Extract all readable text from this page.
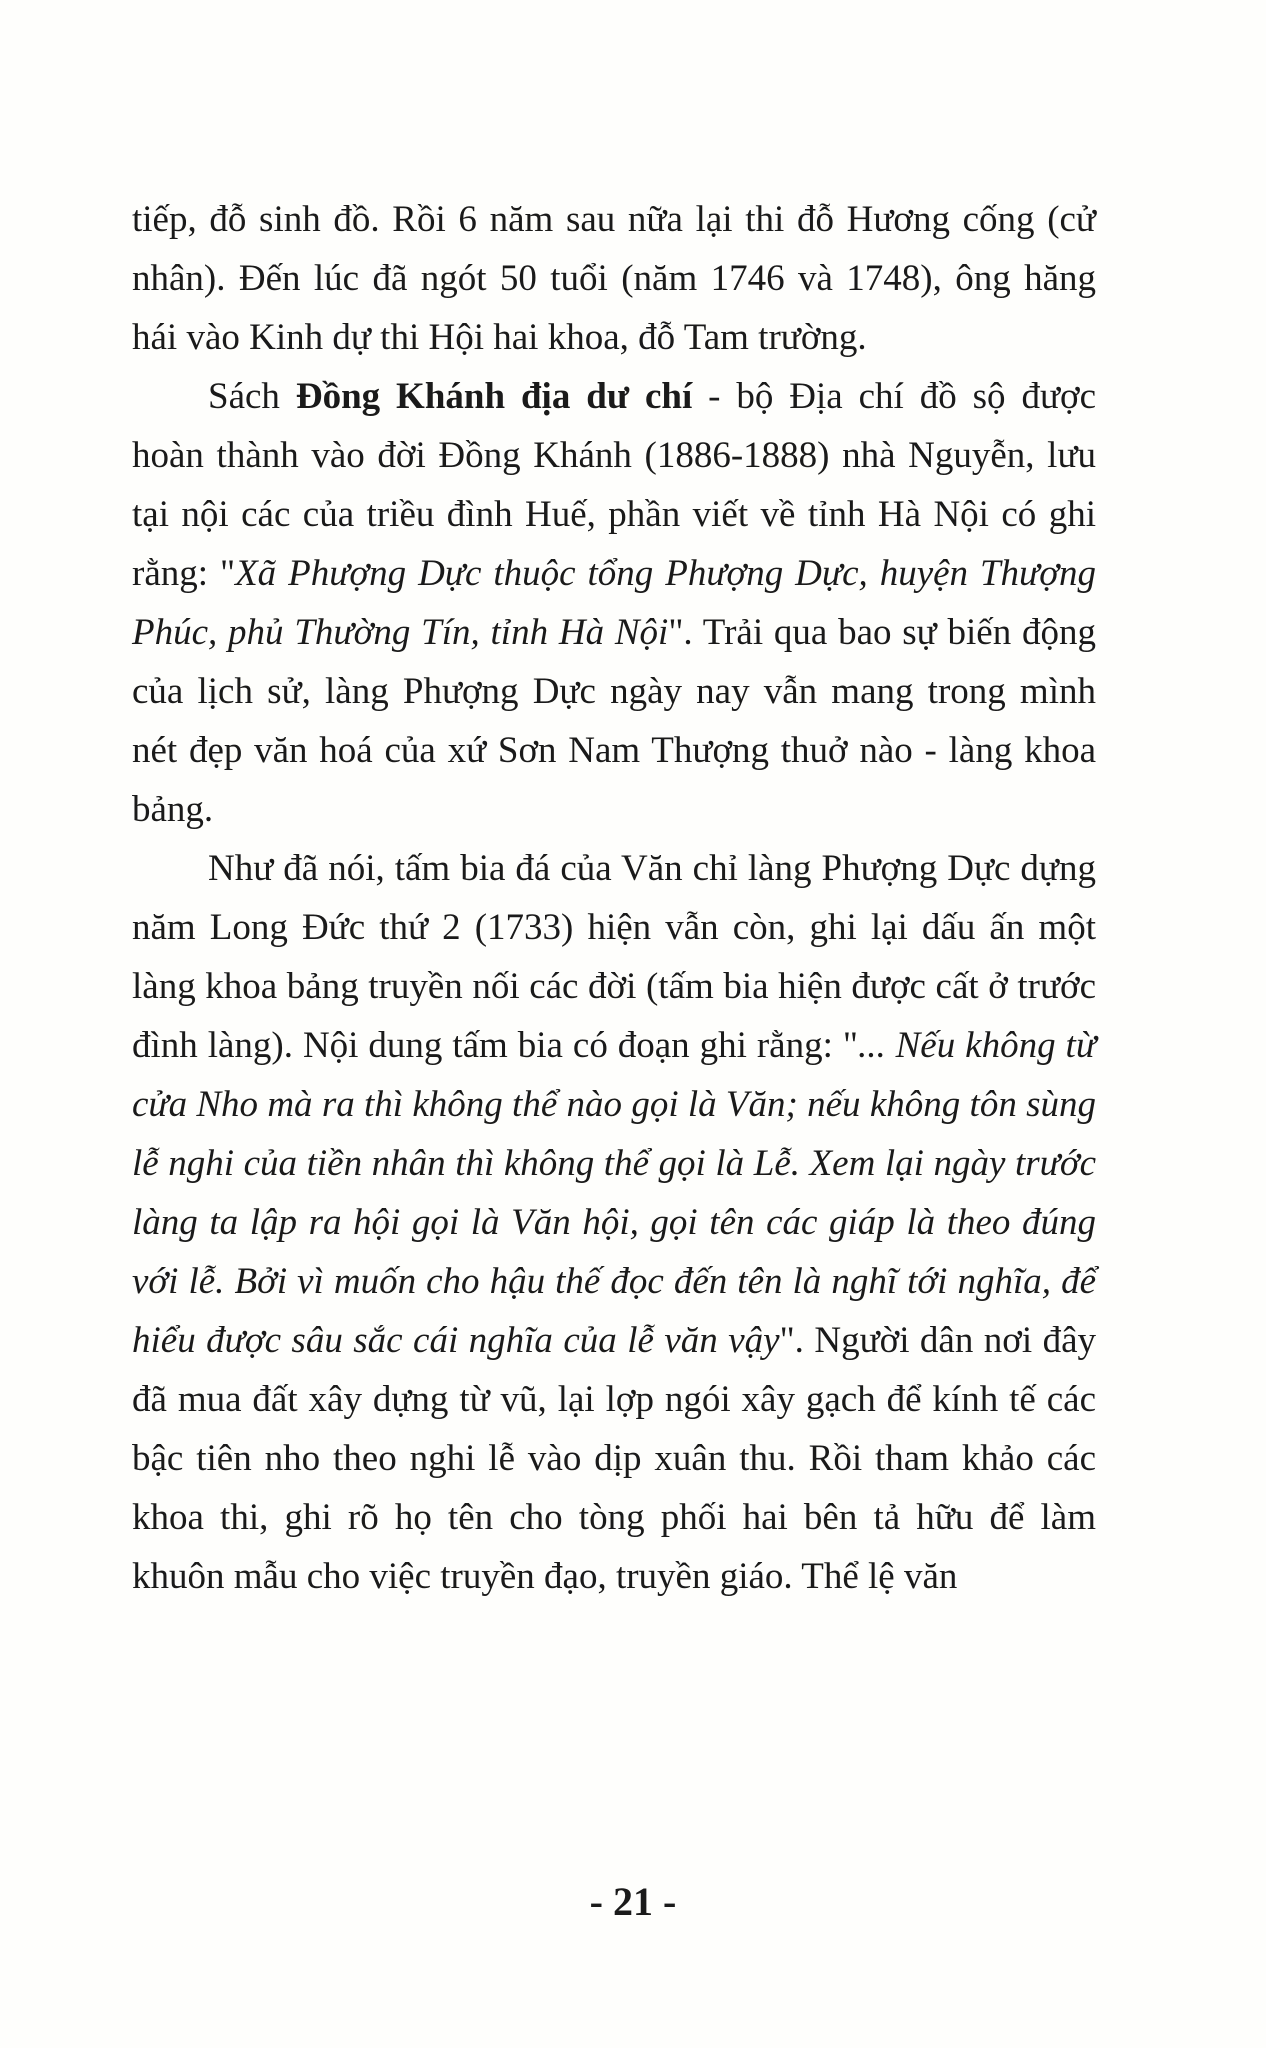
tiếp, đỗ sinh đồ. Rồi 6 năm sau nữa lại thi đỗ Hương cống (cử nhân). Đến lúc đã ngót 50 tuổi (năm 1746 và 1748), ông hăng hái vào Kinh dự thi Hội hai khoa, đỗ Tam trường.

Sách Đồng Khánh địa dư chí - bộ Địa chí đồ sộ được hoàn thành vào đời Đồng Khánh (1886-1888) nhà Nguyễn, lưu tại nội các của triều đình Huế, phần viết về tỉnh Hà Nội có ghi rằng: "Xã Phượng Dực thuộc tổng Phượng Dực, huyện Thượng Phúc, phủ Thường Tín, tỉnh Hà Nội". Trải qua bao sự biến động của lịch sử, làng Phượng Dực ngày nay vẫn mang trong mình nét đẹp văn hoá của xứ Sơn Nam Thượng thuở nào - làng khoa bảng.

Như đã nói, tấm bia đá của Văn chỉ làng Phượng Dực dựng năm Long Đức thứ 2 (1733) hiện vẫn còn, ghi lại dấu ấn một làng khoa bảng truyền nối các đời (tấm bia hiện được cất ở trước đình làng). Nội dung tấm bia có đoạn ghi rằng: "... Nếu không từ cửa Nho mà ra thì không thể nào gọi là Văn; nếu không tôn sùng lễ nghi của tiền nhân thì không thể gọi là Lễ. Xem lại ngày trước làng ta lập ra hội gọi là Văn hội, gọi tên các giáp là theo đúng với lễ. Bởi vì muốn cho hậu thế đọc đến tên là nghĩ tới nghĩa, để hiểu được sâu sắc cái nghĩa của lễ văn vậy". Người dân nơi đây đã mua đất xây dựng từ vũ, lại lợp ngói xây gạch để kính tế các bậc tiên nho theo nghi lễ vào dịp xuân thu. Rồi tham khảo các khoa thi, ghi rõ họ tên cho tòng phối hai bên tả hữu để làm khuôn mẫu cho việc truyền đạo, truyền giáo. Thể lệ văn

- 21 -
